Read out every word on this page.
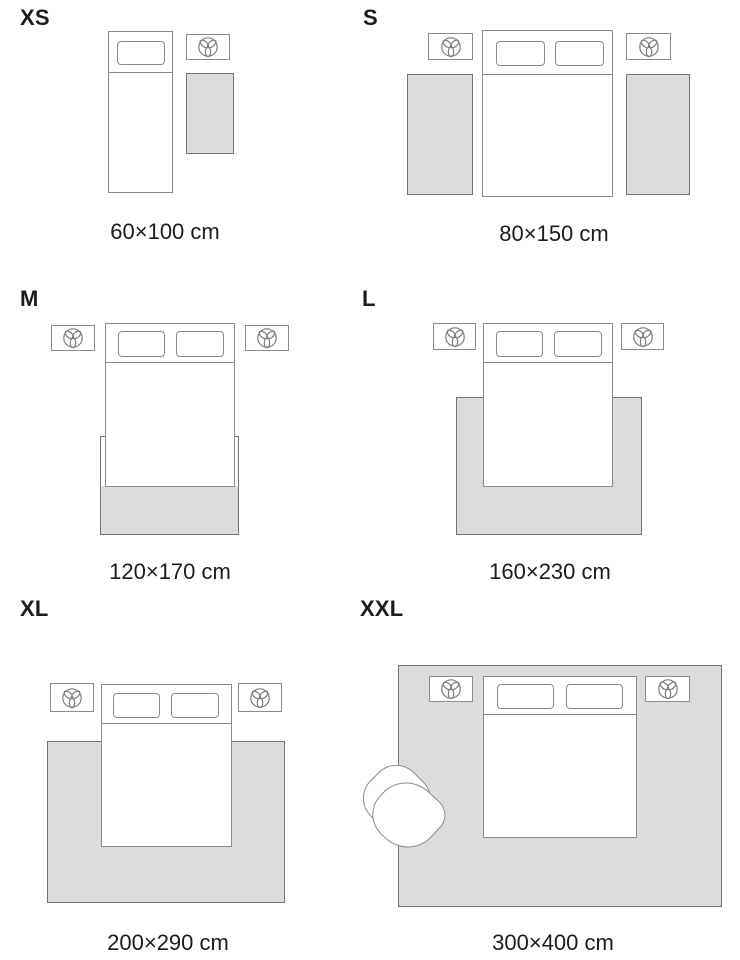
XS
60×100 cm
S
80×150 cm
M
120×170 cm
L
160×230 cm
XL
200×290 cm
XXL
300×400 cm
